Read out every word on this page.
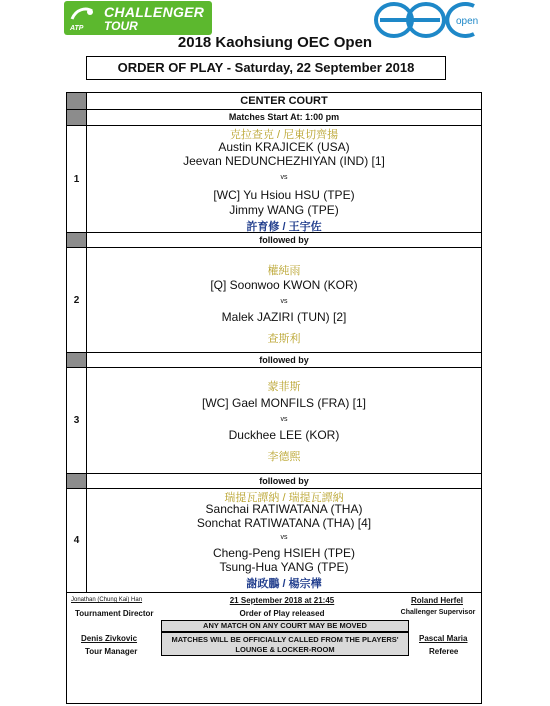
ATP
CHALLENGER
TOUR	open
2018 Kaohsiung OEC Open
ORDER OF PLAY - Saturday, 22 September 2018
CENTER COURT
Matches Start At: 1:00 pm
1
克拉查克 / 尼東切齊揚
Austin KRAJICEK (USA)
Jeevan NEDUNCHEZHIYAN (IND) [1]
vs
[WC] Yu Hsiou HSU (TPE)
Jimmy WANG (TPE)
許育修 / 王宇佐
followed by
2
權純雨
[Q] Soonwoo KWON (KOR)
vs
Malek JAZIRI (TUN) [2]
查斯利
followed by
3
蒙菲斯
[WC] Gael MONFILS (FRA) [1]
vs
Duckhee LEE (KOR)
李德熙
followed by
4
瑞提瓦譚納 / 瑞提瓦譚納
Sanchai RATIWATANA (THA)
Sonchat RATIWATANA (THA) [4]
vs
Cheng-Peng HSIEH (TPE)
Tsung-Hua YANG (TPE)
謝政鵬 / 楊宗樺
Jonathan (Chung Kai) Han
Tournament Director
21 September 2018 at 21:45
Order of Play released
Roland Herfel
Challenger Supervisor
ANY MATCH ON ANY COURT MAY BE MOVED
MATCHES WILL BE OFFICIALLY CALLED FROM THE PLAYERS' LOUNGE & LOCKER-ROOM
Denis Zivkovic
Tour Manager
Pascal Maria
Referee
